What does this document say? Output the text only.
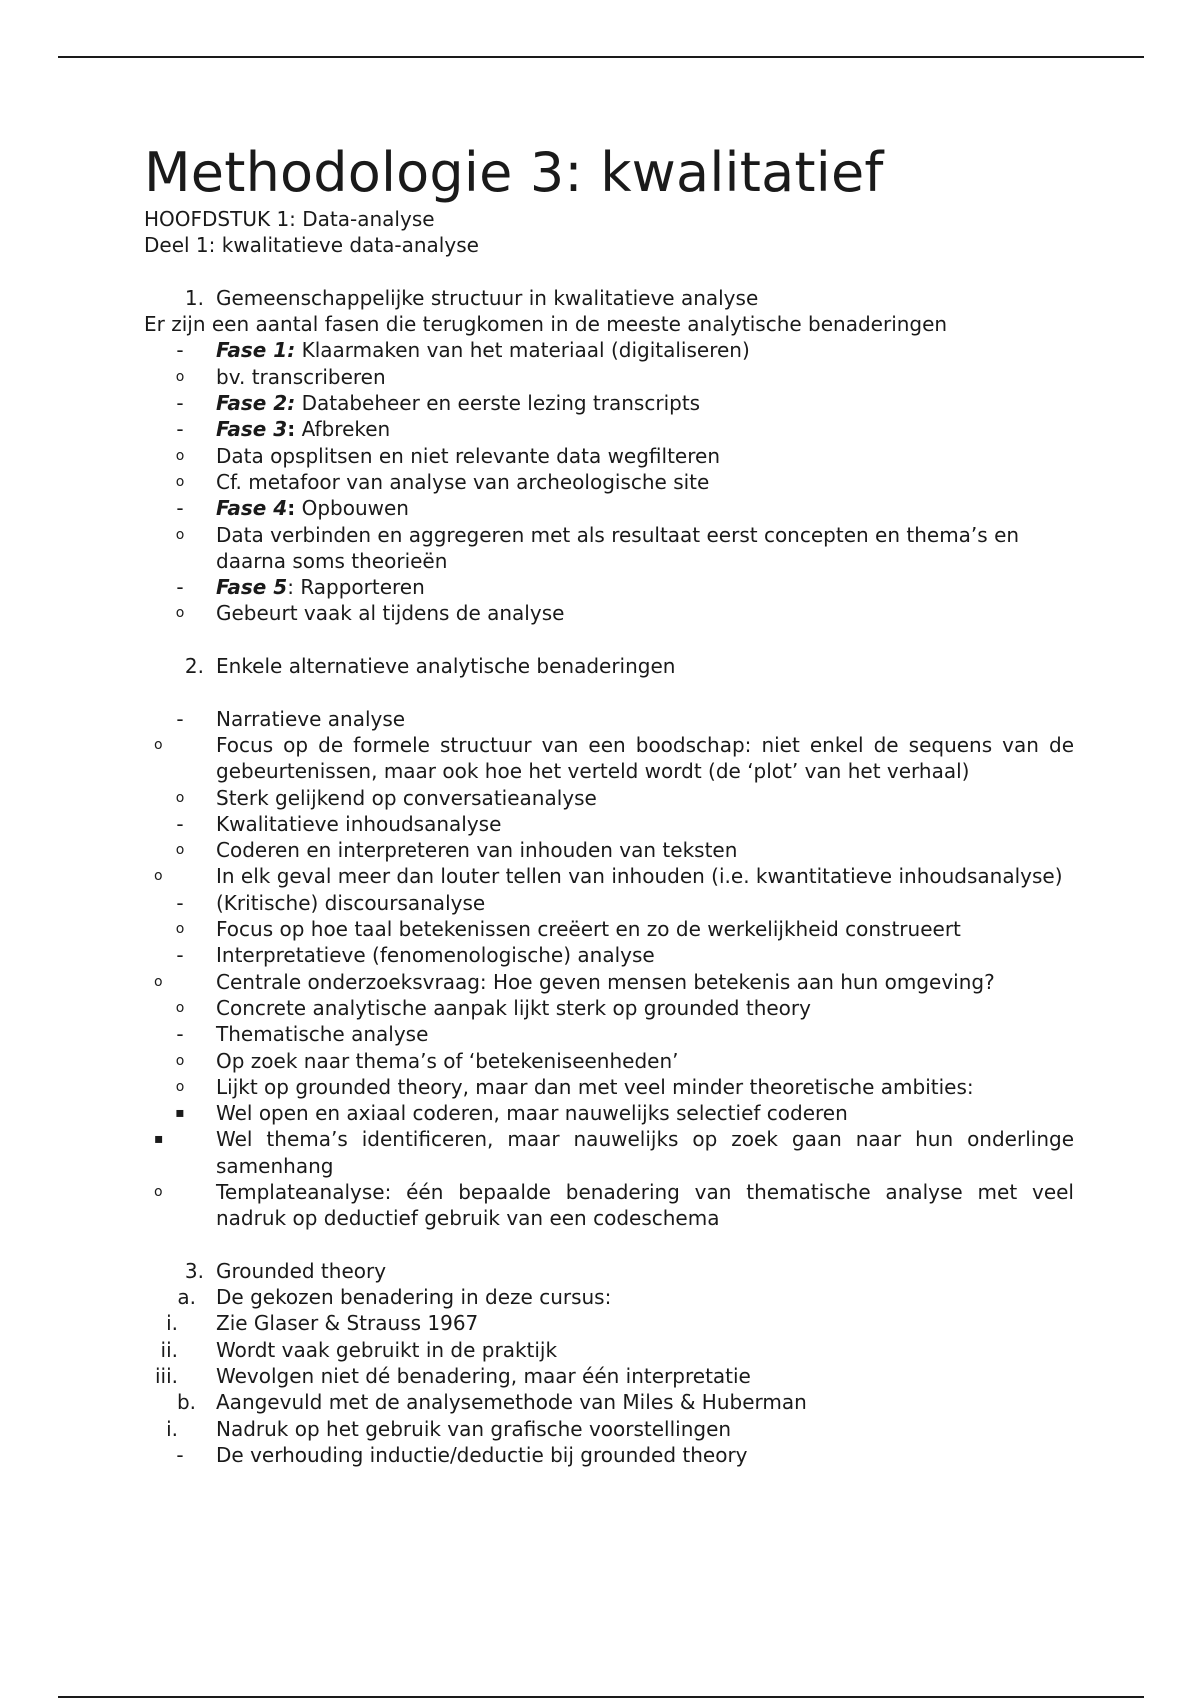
Methodologie 3: kwalitatief
HOOFDSTUK 1: Data-analyse
Deel 1: kwalitatieve data-analyse
1. Gemeenschappelijke structuur in kwalitatieve analyse
Er zijn een aantal fasen die terugkomen in de meeste analytische benaderingen
-	Fase 1: Klaarmaken van het materiaal (digitaliseren)
o	bv. transcriberen
-	Fase 2: Databeheer en eerste lezing transcripts
-	Fase 3: Afbreken
o	Data opsplitsen en niet relevante data wegfilteren
o	Cf. metafoor van analyse van archeologische site
-	Fase 4: Opbouwen
o	Data verbinden en aggregeren met als resultaat eerst concepten en thema’s en daarna soms theorieën
-	Fase 5: Rapporteren
o	Gebeurt vaak al tijdens de analyse
2. Enkele alternatieve analytische benaderingen
-	Narratieve analyse
o	Focus op de formele structuur van een boodschap: niet enkel de sequens van de gebeurtenissen, maar ook hoe het verteld wordt (de ‘plot’ van het verhaal)
o	Sterk gelijkend op conversatieanalyse
-	Kwalitatieve inhoudsanalyse
o	Coderen en interpreteren van inhouden van teksten
o	In elk geval meer dan louter tellen van inhouden (i.e. kwantitatieve inhoudsanalyse)
-	(Kritische) discoursanalyse
o	Focus op hoe taal betekenissen creëert en zo de werkelijkheid construeert
-	Interpretatieve (fenomenologische) analyse
o	Centrale onderzoeksvraag: Hoe geven mensen betekenis aan hun omgeving?
o	Concrete analytische aanpak lijkt sterk op grounded theory
-	Thematische analyse
o	Op zoek naar thema’s of ‘betekeniseenheden’
o	Lijkt op grounded theory, maar dan met veel minder theoretische ambities:
▪	Wel open en axiaal coderen, maar nauwelijks selectief coderen
▪	Wel thema’s identificeren, maar nauwelijks op zoek gaan naar hun onderlinge samenhang
o	Templateanalyse: één bepaalde benadering van thematische analyse met veel nadruk op deductief gebruik van een codeschema
3. Grounded theory
a. De gekozen benadering in deze cursus:
i. Zie Glaser & Strauss 1967
ii. Wordt vaak gebruikt in de praktijk
iii. Wevolgen niet dé benadering, maar één interpretatie
b. Aangevuld met de analysemethode van Miles & Huberman
i. Nadruk op het gebruik van grafische voorstellingen
-	De verhouding inductie/deductie bij grounded theory
